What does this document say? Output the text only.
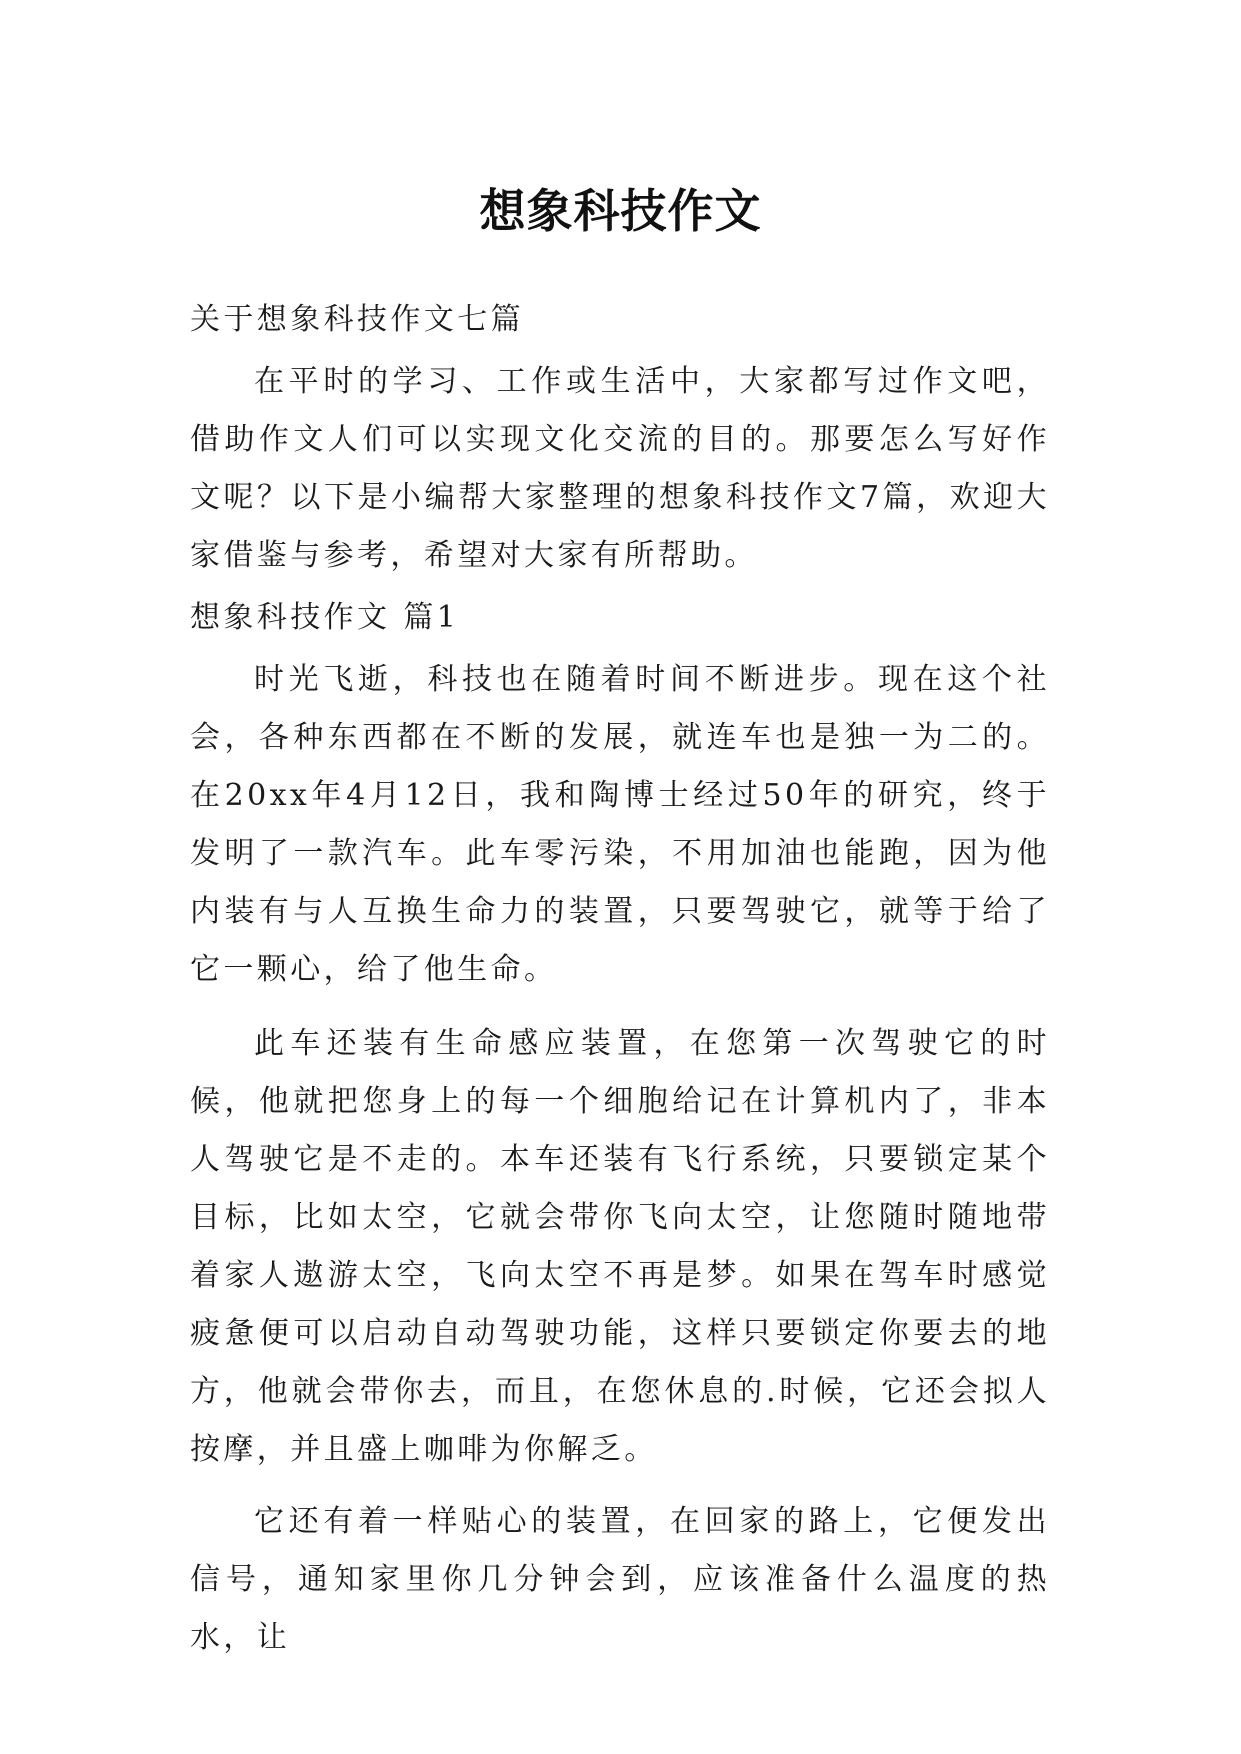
想象科技作文

关于想象科技作文七篇

在平时的学习、工作或生活中，大家都写过作文吧，借助作文人们可以实现文化交流的目的。那要怎么写好作文呢？以下是小编帮大家整理的想象科技作文7篇，欢迎大家借鉴与参考，希望对大家有所帮助。

想象科技作文 篇1

时光飞逝，科技也在随着时间不断进步。现在这个社会，各种东西都在不断的发展，就连车也是独一为二的。在20xx年4月12日，我和陶博士经过50年的研究，终于发明了一款汽车。此车零污染，不用加油也能跑，因为他内装有与人互换生命力的装置，只要驾驶它，就等于给了它一颗心，给了他生命。

此车还装有生命感应装置，在您第一次驾驶它的时候，他就把您身上的每一个细胞给记在计算机内了，非本人驾驶它是不走的。本车还装有飞行系统，只要锁定某个目标，比如太空，它就会带你飞向太空，让您随时随地带着家人遨游太空，飞向太空不再是梦。如果在驾车时感觉疲惫便可以启动自动驾驶功能，这样只要锁定你要去的地方，他就会带你去，而且，在您休息的.时候，它还会拟人按摩，并且盛上咖啡为你解乏。

它还有着一样贴心的装置，在回家的路上，它便发出信号，通知家里你几分钟会到，应该准备什么温度的热水，让
